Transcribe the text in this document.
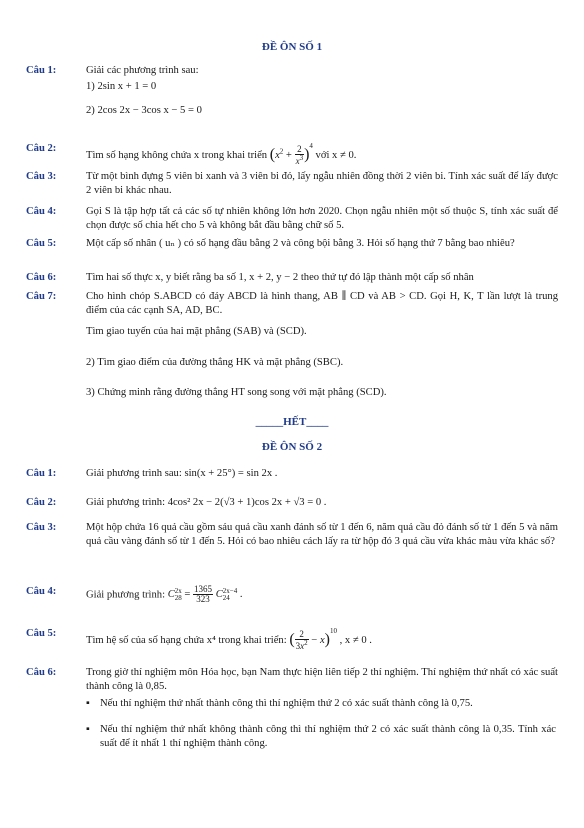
ĐỀ ÔN SỐ 1
Câu 1:	Giải các phương trình sau:
1) 2sin x + 1 = 0
2) 2cos 2x − 3cos x − 5 = 0
Câu 2:
Tìm số hạng không chứa x trong khai triển $(x^2 + \frac{2}{x^3} )^4$ với x ≠ 0.
Câu 3:	Từ một bình đựng 5 viên bi xanh và 3 viên bi đỏ, lấy ngẫu nhiên đồng thời 2 viên bi. Tính xác suất để lấy được 2 viên bi khác nhau.
Câu 4:	Gọi S là tập hợp tất cả các số tự nhiên không lớn hơn 2020. Chọn ngẫu nhiên một số thuộc S, tính xác suất để chọn được số chia hết cho 5 và không bắt đầu bằng chữ số 5.
Câu 5:	Một cấp số nhân ( uₙ ) có số hạng đầu bằng 2 và công bội bằng 3. Hỏi số hạng thứ 7 bằng bao nhiêu?
Câu 6:	Tìm hai số thực x, y biết rằng ba số 1, x + 2, y − 2 theo thứ tự đó lập thành một cấp số nhân
Câu 7:	Cho hình chóp S.ABCD có đáy ABCD là hình thang, AB ∥ CD và AB > CD. Gọi H, K, T lần lượt là trung điểm của các cạnh SA, AD, BC.
Tìm giao tuyến của hai mặt phẳng (SAB) và (SCD).
2) Tìm giao điểm của đường thẳng HK và mặt phẳng (SBC).
3) Chứng minh rằng đường thẳng HT song song với mặt phẳng (SCD).
_____HẾT____
ĐỀ ÔN SỐ 2
Câu 1:	Giải phương trình sau: sin(x + 25°) = sin 2x .
Câu 2:	Giải phương trình: 4cos² 2x − 2(√3 + 1)cos 2x + √3 = 0 .
Câu 3:	Một hộp chứa 16 quả cầu gồm sáu quả cầu xanh đánh số từ 1 đến 6, năm quả cầu đỏ đánh số từ 1 đến 5 và năm quả cầu vàng đánh số từ 1 đến 5. Hỏi có bao nhiêu cách lấy ra từ hộp đó 3 quả cầu vừa khác màu vừa khác số?
Câu 4:	Giải phương trình: C 2x
$28 = \frac{1365}{323}$ C 2x−4
24 .
Câu 5:
Tìm hệ số của số hạng chứa x⁴ trong khai triển: ( $\frac{2}{3x^2} - x)^{10}$ , x ≠ 0 .
Câu 6:	Trong giờ thí nghiệm môn Hóa học, bạn Nam thực hiện liên tiếp 2 thí nghiệm. Thí nghiệm thứ nhất có xác suất thành công là 0,85.
▪ Nếu thí nghiệm thứ nhất thành công thì thí nghiệm thứ 2 có xác suất thành công là 0,75.
▪ Nếu thí nghiệm thứ nhất không thành công thì thí nghiệm thứ 2 có xác suất thành công là 0,35. Tính xác suất để ít nhất 1 thí nghiệm thành công.
